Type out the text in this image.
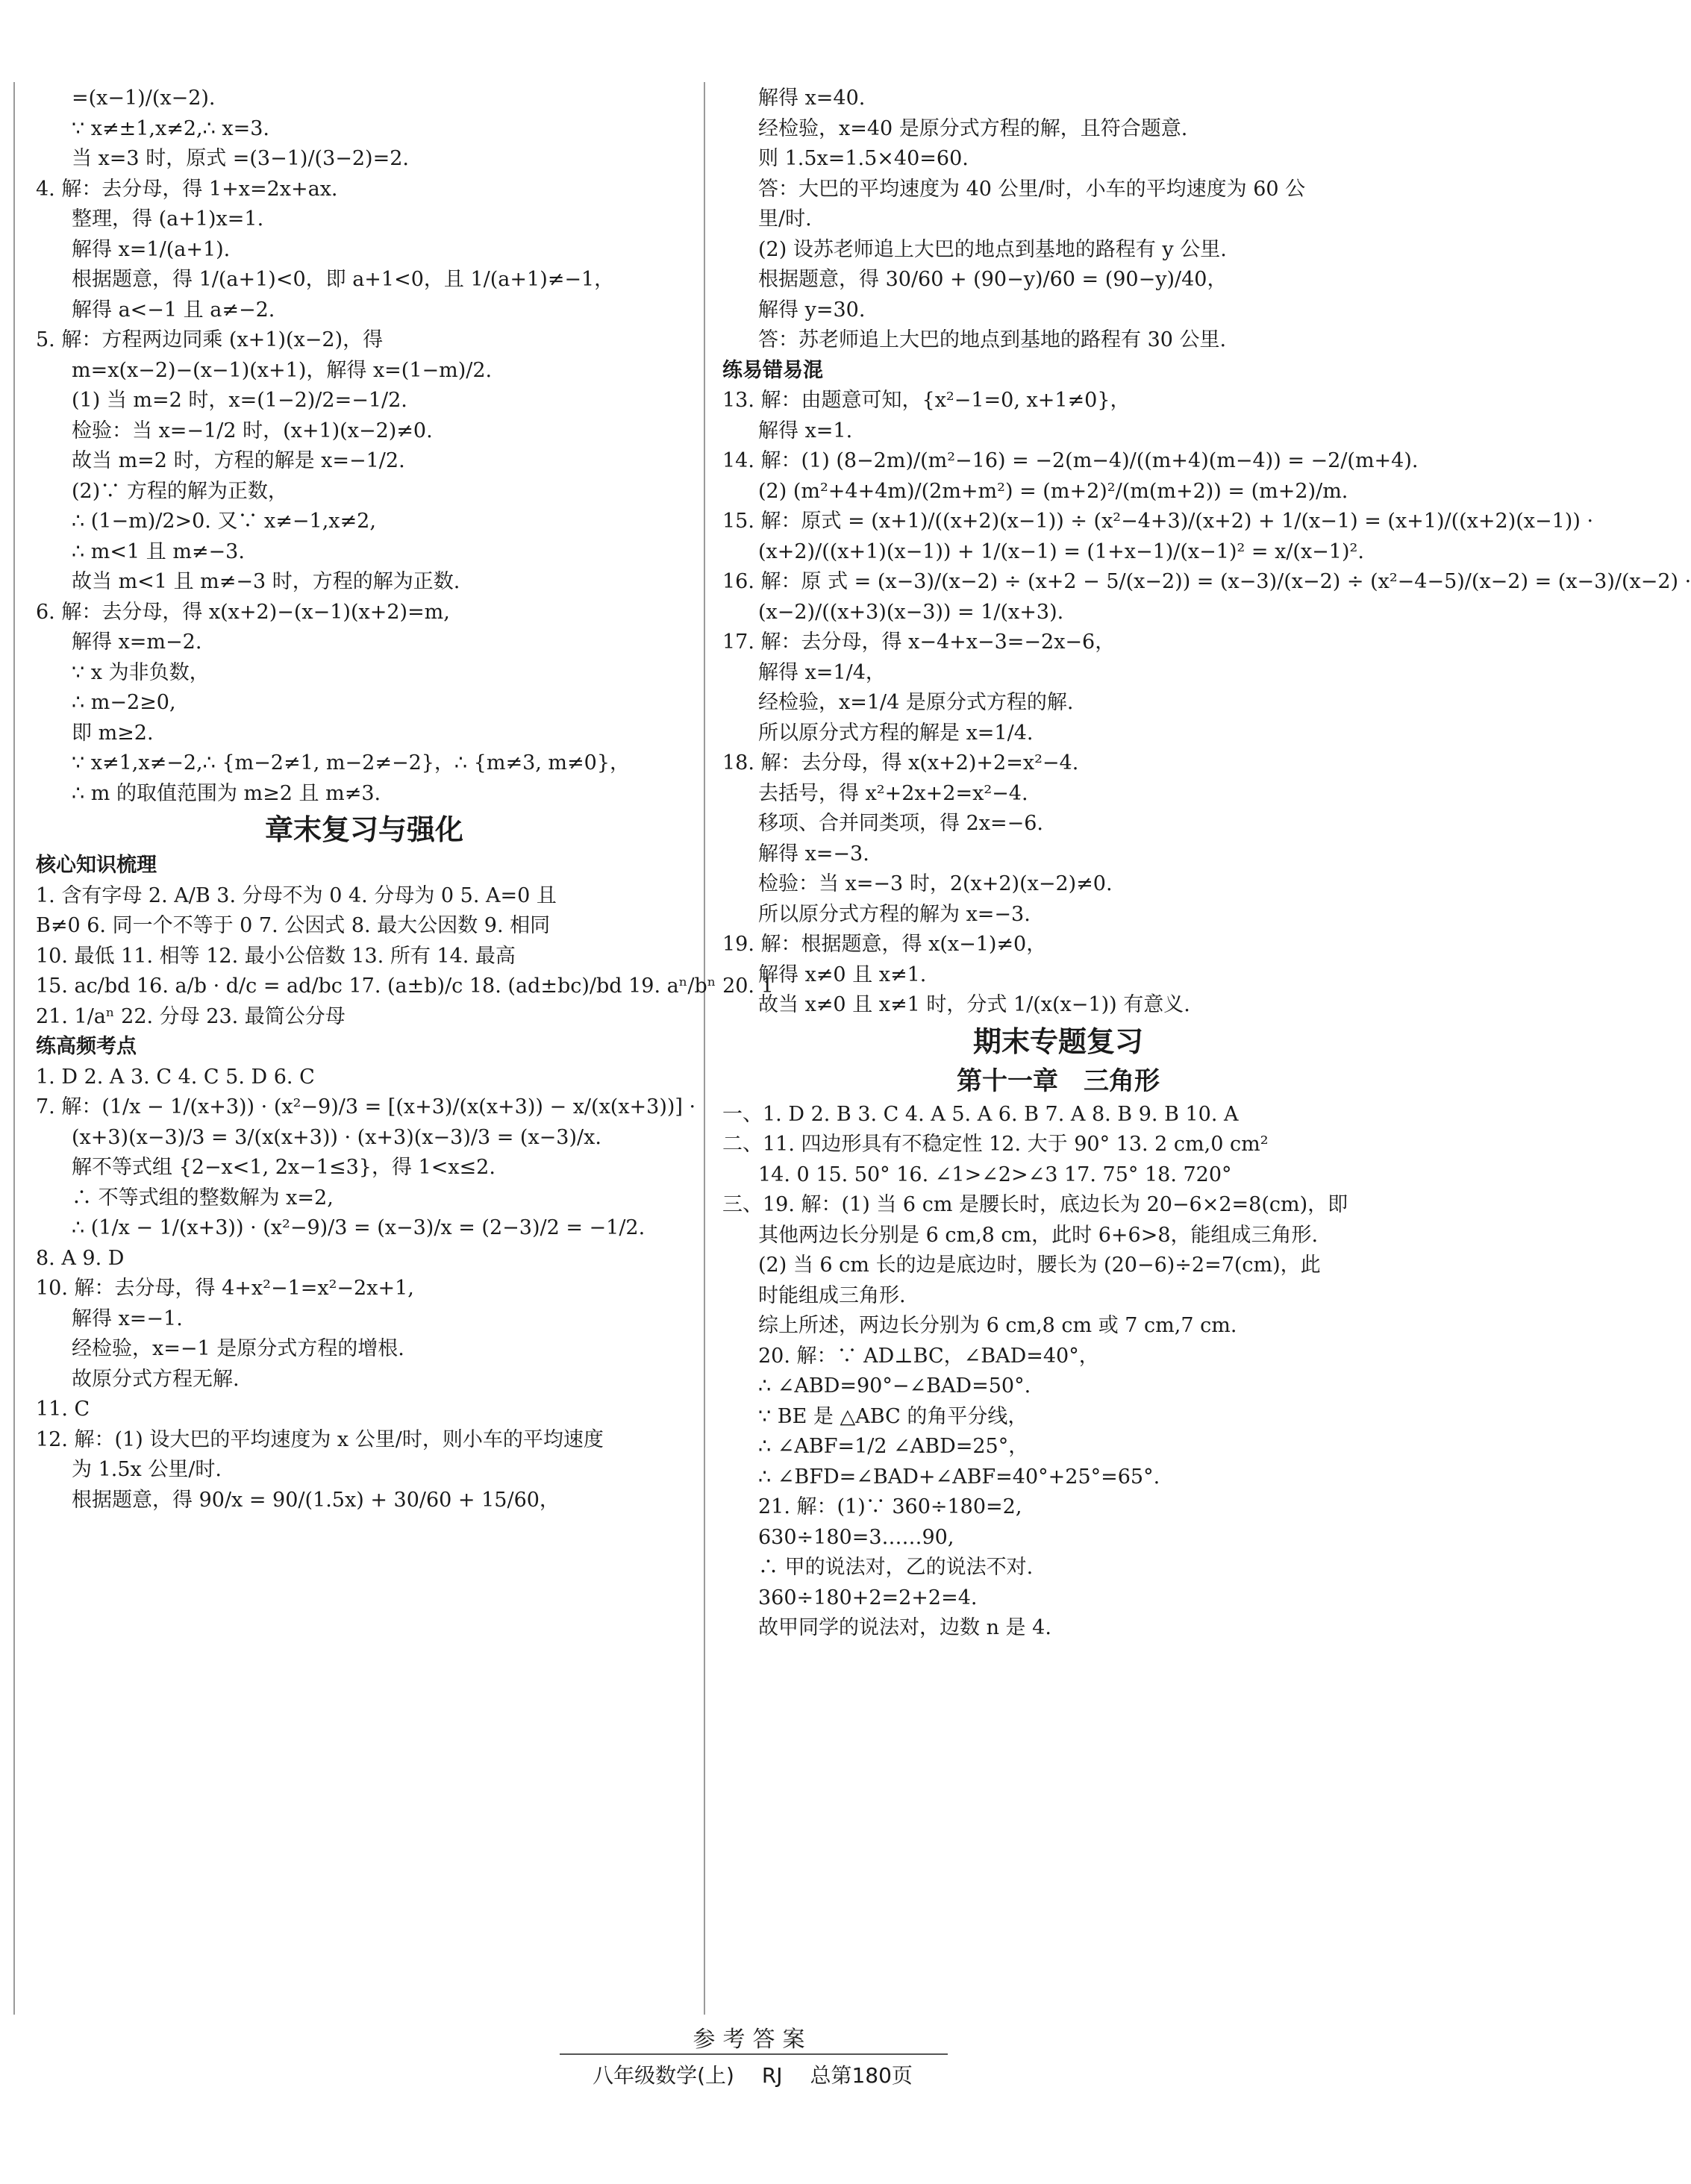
=(x−1)/(x−2).
∵ x≠±1,x≠2,∴ x=3.
当 x=3 时，原式 =(3−1)/(3−2)=2.
4. 解：去分母，得 1+x=2x+ax.
整理，得 (a+1)x=1.
解得 x=1/(a+1).
根据题意，得 1/(a+1)<0，即 a+1<0，且 1/(a+1)≠−1，
解得 a<−1 且 a≠−2.
5. 解：方程两边同乘 (x+1)(x−2)，得
m=x(x−2)−(x−1)(x+1)，解得 x=(1−m)/2.
(1) 当 m=2 时，x=(1−2)/2=−1/2.
检验：当 x=−1/2 时，(x+1)(x−2)≠0.
故当 m=2 时，方程的解是 x=−1/2.
(2)∵ 方程的解为正数，
∴ (1−m)/2>0. 又∵ x≠−1,x≠2,
∴ m<1 且 m≠−3.
故当 m<1 且 m≠−3 时，方程的解为正数.
6. 解：去分母，得 x(x+2)−(x−1)(x+2)=m,
解得 x=m−2.
∵ x 为非负数，
∴ m−2≥0,
即 m≥2.
∵ x≠1,x≠−2,∴ {m−2≠1, m−2≠−2}，∴ {m≠3, m≠0}，
∴ m 的取值范围为 m≥2 且 m≠3.
章末复习与强化
核心知识梳理
1. 含有字母 2. A/B 3. 分母不为 0 4. 分母为 0 5. A=0 且
B≠0 6. 同一个不等于 0 7. 公因式 8. 最大公因数 9. 相同
10. 最低 11. 相等 12. 最小公倍数 13. 所有 14. 最高
15. ac/bd 16. a/b · d/c = ad/bc 17. (a±b)/c 18. (ad±bc)/bd 19. aⁿ/bⁿ 20. 1
21. 1/aⁿ 22. 分母 23. 最简公分母
练高频考点
1. D 2. A 3. C 4. C 5. D 6. C
7. 解：(1/x − 1/(x+3)) · (x²−9)/3 = [(x+3)/(x(x+3)) − x/(x(x+3))] ·
(x+3)(x−3)/3 = 3/(x(x+3)) · (x+3)(x−3)/3 = (x−3)/x.
解不等式组 {2−x<1, 2x−1≤3}，得 1<x≤2.
∴ 不等式组的整数解为 x=2,
∴ (1/x − 1/(x+3)) · (x²−9)/3 = (x−3)/x = (2−3)/2 = −1/2.
8. A 9. D
10. 解：去分母，得 4+x²−1=x²−2x+1,
解得 x=−1.
经检验，x=−1 是原分式方程的增根.
故原分式方程无解.
11. C
12. 解：(1) 设大巴的平均速度为 x 公里/时，则小车的平均速度
为 1.5x 公里/时.
根据题意，得 90/x = 90/(1.5x) + 30/60 + 15/60，
解得 x=40.
经检验，x=40 是原分式方程的解，且符合题意.
则 1.5x=1.5×40=60.
答：大巴的平均速度为 40 公里/时，小车的平均速度为 60 公
里/时.
(2) 设苏老师追上大巴的地点到基地的路程有 y 公里.
根据题意，得 30/60 + (90−y)/60 = (90−y)/40，
解得 y=30.
答：苏老师追上大巴的地点到基地的路程有 30 公里.
练易错易混
13. 解：由题意可知，{x²−1=0, x+1≠0}，
解得 x=1.
14. 解：(1) (8−2m)/(m²−16) = −2(m−4)/((m+4)(m−4)) = −2/(m+4).
(2) (m²+4+4m)/(2m+m²) = (m+2)²/(m(m+2)) = (m+2)/m.
15. 解：原式 = (x+1)/((x+2)(x−1)) ÷ (x²−4+3)/(x+2) + 1/(x−1) = (x+1)/((x+2)(x−1)) ·
(x+2)/((x+1)(x−1)) + 1/(x−1) = (1+x−1)/(x−1)² = x/(x−1)².
16. 解：原 式 = (x−3)/(x−2) ÷ (x+2 − 5/(x−2)) = (x−3)/(x−2) ÷ (x²−4−5)/(x−2) = (x−3)/(x−2) ·
(x−2)/((x+3)(x−3)) = 1/(x+3).
17. 解：去分母，得 x−4+x−3=−2x−6，
解得 x=1/4，
经检验，x=1/4 是原分式方程的解.
所以原分式方程的解是 x=1/4.
18. 解：去分母，得 x(x+2)+2=x²−4.
去括号，得 x²+2x+2=x²−4.
移项、合并同类项，得 2x=−6.
解得 x=−3.
检验：当 x=−3 时，2(x+2)(x−2)≠0.
所以原分式方程的解为 x=−3.
19. 解：根据题意，得 x(x−1)≠0，
解得 x≠0 且 x≠1.
故当 x≠0 且 x≠1 时，分式 1/(x(x−1)) 有意义.
期末专题复习
第十一章　三角形
一、1. D 2. B 3. C 4. A 5. A 6. B 7. A 8. B 9. B 10. A
二、11. 四边形具有不稳定性 12. 大于 90° 13. 2 cm,0 cm²
14. 0 15. 50° 16. ∠1>∠2>∠3 17. 75° 18. 720°
三、19. 解：(1) 当 6 cm 是腰长时，底边长为 20−6×2=8(cm)，即
其他两边长分别是 6 cm,8 cm，此时 6+6>8，能组成三角形.
(2) 当 6 cm 长的边是底边时，腰长为 (20−6)÷2=7(cm)，此
时能组成三角形.
综上所述，两边长分别为 6 cm,8 cm 或 7 cm,7 cm.
20. 解：∵ AD⊥BC，∠BAD=40°，
∴ ∠ABD=90°−∠BAD=50°.
∵ BE 是 △ABC 的角平分线，
∴ ∠ABF=1/2 ∠ABD=25°，
∴ ∠BFD=∠BAD+∠ABF=40°+25°=65°.
21. 解：(1)∵ 360÷180=2,
630÷180=3……90,
∴ 甲的说法对，乙的说法不对.
360÷180+2=2+2=4.
故甲同学的说法对，边数 n 是 4.
参考答案
八年级数学(上) RJ 总第180页
